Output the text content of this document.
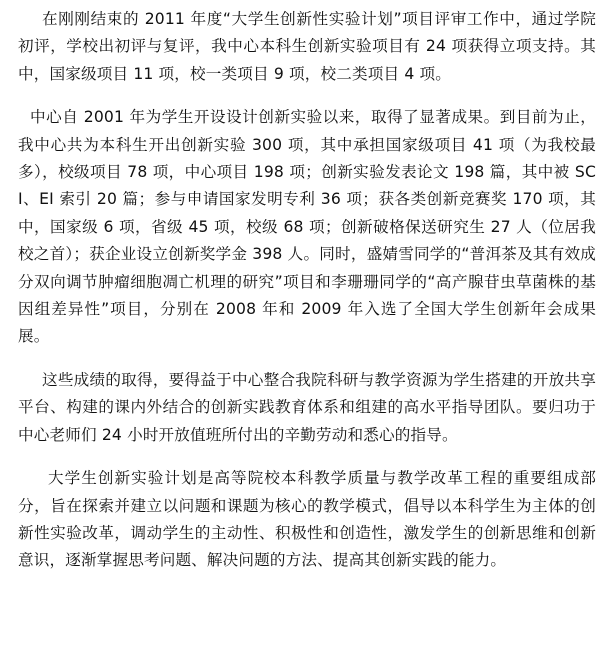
在刚刚结束的 2011 年度“大学生创新性实验计划”项目评审工作中，通过学院初评，学校出初评与复评，我中心本科生创新实验项目有 24 项获得立项支持。其中，国家级项目 11 项，校一类项目 9 项，校二类项目 4 项。

中心自 2001 年为学生开设设计创新实验以来，取得了显著成果。到目前为止，我中心共为本科生开出创新实验 300 项，其中承担国家级项目 41 项（为我校最多），校级项目 78 项，中心项目 198 项；创新实验发表论文 198 篇，其中被 SCI、EI 索引 20 篇；参与申请国家发明专利 36 项；获各类创新竞赛奖 170 项，其中，国家级 6 项，省级 45 项，校级 68 项；创新破格保送研究生 27 人（位居我校之首）；获企业设立创新奖学金 398 人。同时，盛婧雪同学的“普洱茶及其有效成分双向调节肿瘤细胞凋亡机理的研究”项目和李珊珊同学的“高产腺苷虫草菌株的基因组差异性”项目，分别在 2008 年和 2009 年入选了全国大学生创新年会成果展。

这些成绩的取得，要得益于中心整合我院科研与教学资源为学生搭建的开放共享平台、构建的课内外结合的创新实践教育体系和组建的高水平指导团队。要归功于中心老师们 24 小时开放值班所付出的辛勤劳动和悉心的指导。

大学生创新实验计划是高等院校本科教学质量与教学改革工程的重要组成部分，旨在探索并建立以问题和课题为核心的教学模式，倡导以本科学生为主体的创新性实验改革，调动学生的主动性、积极性和创造性，激发学生的创新思维和创新意识，逐渐掌握思考问题、解决问题的方法、提高其创新实践的能力。
